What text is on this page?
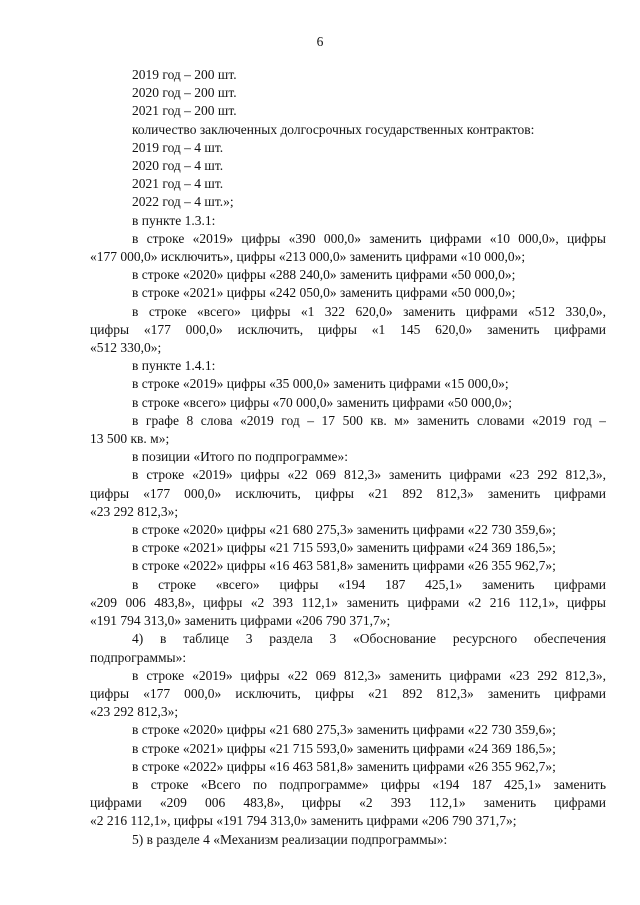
6
2019 год – 200 шт.
2020 год – 200 шт.
2021 год – 200 шт.
количество заключенных долгосрочных государственных контрактов:
2019 год – 4 шт.
2020 год – 4 шт.
2021 год – 4 шт.
2022 год – 4 шт.»;
в пункте 1.3.1:
в строке «2019» цифры «390 000,0» заменить цифрами «10 000,0», цифры
«177 000,0» исключить», цифры «213 000,0» заменить цифрами «10 000,0»;
в строке «2020» цифры «288 240,0» заменить цифрами «50 000,0»;
в строке «2021» цифры «242 050,0» заменить цифрами «50 000,0»;
в строке «всего» цифры «1 322 620,0» заменить цифрами «512 330,0»,
цифры «177 000,0» исключить, цифры «1 145 620,0» заменить цифрами
«512 330,0»;
в пункте 1.4.1:
в строке «2019» цифры «35 000,0» заменить цифрами «15 000,0»;
в строке «всего» цифры «70 000,0» заменить цифрами «50 000,0»;
в графе 8 слова «2019 год – 17 500 кв. м» заменить словами «2019 год –
13 500 кв. м»;
в позиции «Итого по подпрограмме»:
в строке «2019» цифры «22 069 812,3» заменить цифрами «23 292 812,3»,
цифры «177 000,0» исключить, цифры «21 892 812,3» заменить цифрами
«23 292 812,3»;
в строке «2020» цифры «21 680 275,3» заменить цифрами «22 730 359,6»;
в строке «2021» цифры «21 715 593,0» заменить цифрами «24 369 186,5»;
в строке «2022» цифры «16 463 581,8» заменить цифрами «26 355 962,7»;
в строке «всего» цифры «194 187 425,1» заменить цифрами
«209 006 483,8», цифры «2 393 112,1» заменить цифрами «2 216 112,1», цифры
«191 794 313,0» заменить цифрами «206 790 371,7»;
4) в таблице 3 раздела 3 «Обоснование ресурсного обеспечения
подпрограммы»:
в строке «2019» цифры «22 069 812,3» заменить цифрами «23 292 812,3»,
цифры «177 000,0» исключить, цифры «21 892 812,3» заменить цифрами
«23 292 812,3»;
в строке «2020» цифры «21 680 275,3» заменить цифрами «22 730 359,6»;
в строке «2021» цифры «21 715 593,0» заменить цифрами «24 369 186,5»;
в строке «2022» цифры «16 463 581,8» заменить цифрами «26 355 962,7»;
в строке «Всего по подпрограмме» цифры «194 187 425,1» заменить
цифрами «209 006 483,8», цифры «2 393 112,1» заменить цифрами
«2 216 112,1», цифры «191 794 313,0» заменить цифрами «206 790 371,7»;
5) в разделе 4 «Механизм реализации подпрограммы»:
